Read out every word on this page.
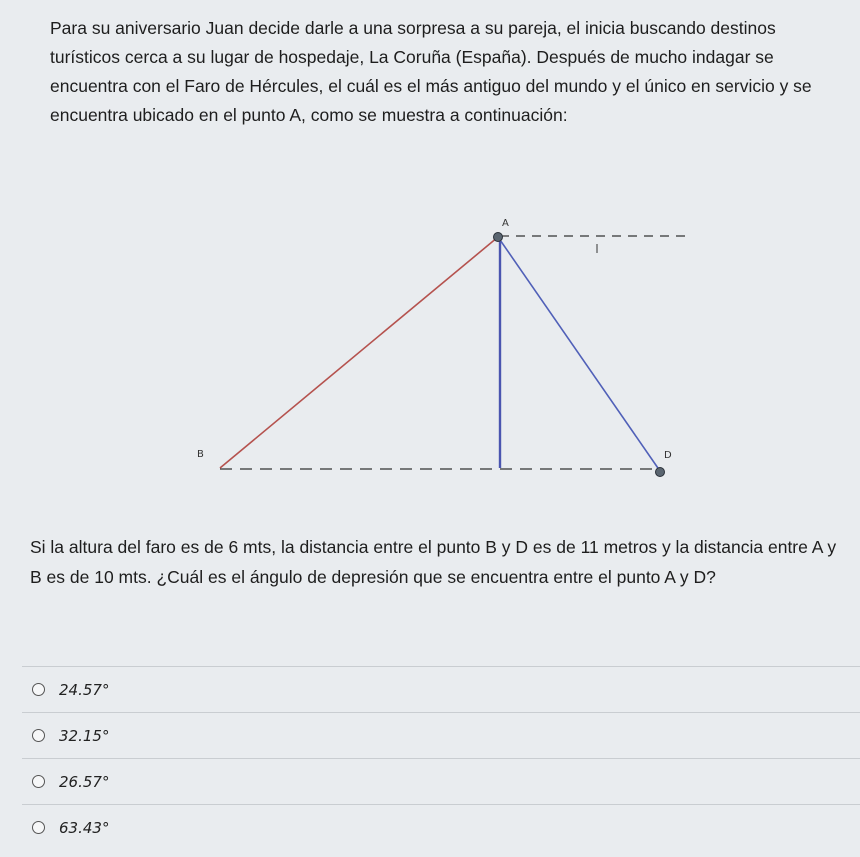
Para su aniversario Juan decide darle a una sorpresa a su pareja, el inicia buscando destinos turísticos cerca a su lugar de hospedaje, La Coruña (España). Después de mucho indagar se encuentra con el Faro de Hércules, el cuál es el más antiguo del mundo y el único en servicio y se encuentra ubicado en el punto A, como se muestra a continuación:

A
B	D

Si la altura del faro es de 6 mts, la distancia entre el punto B y D es de 11 metros y la distancia entre A y B es de 10 mts. ¿Cuál es el ángulo de depresión que se encuentra entre el punto A y D?

24.57°
32.15°
26.57°
63.43°
